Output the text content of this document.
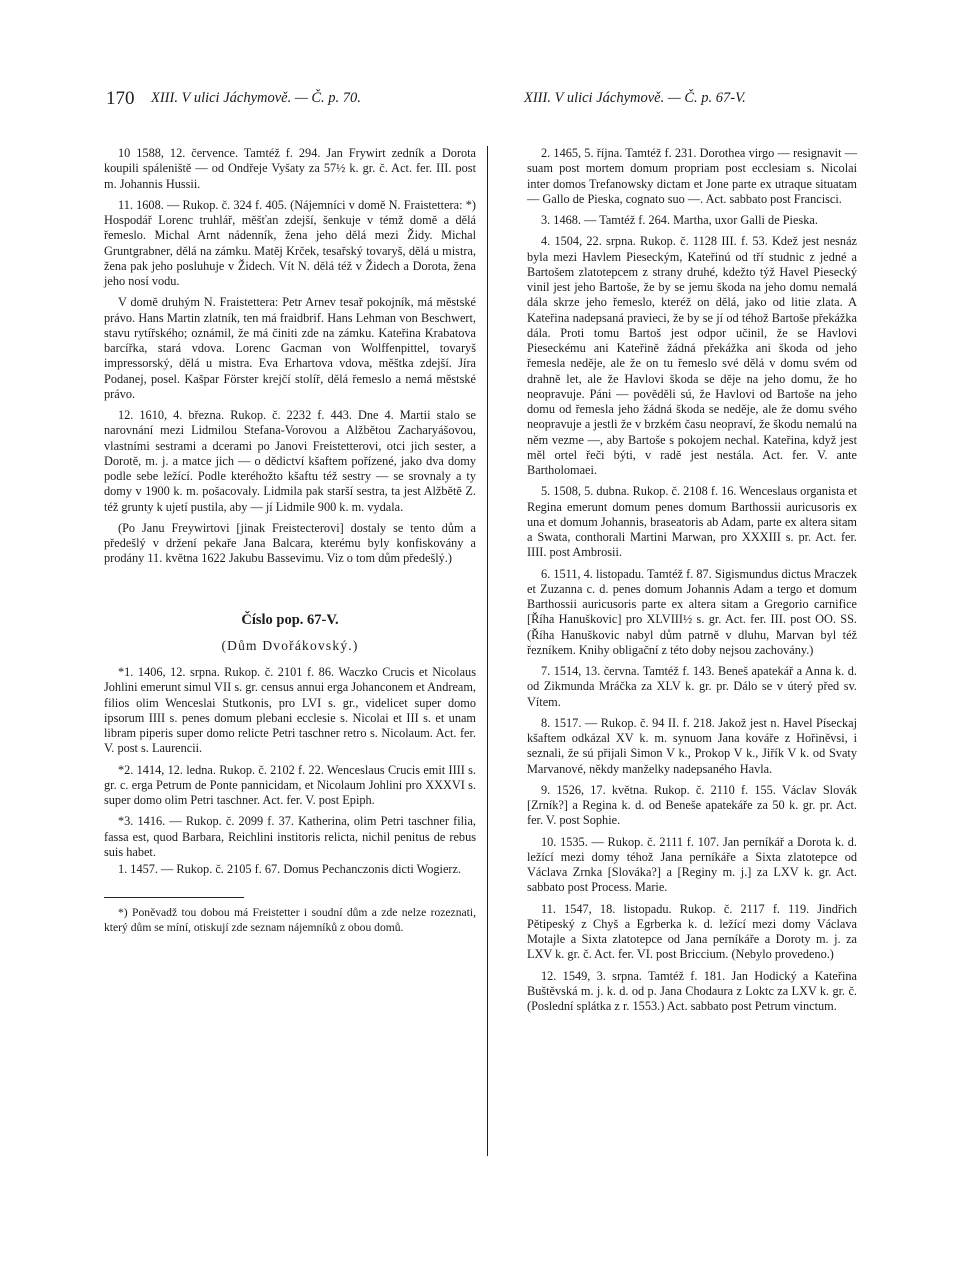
170 XIII. V ulici Jáchymově. — Č. p. 70.	XIII. V ulici Jáchymově. — Č. p. 67-V.

10 1588, 12. července. Tamtéž f. 294. Jan Frywirt zedník a Dorota koupili spáleniště — od Ondřeje Vyšaty za 57½ k. gr. č. Act. fer. III. post m. Johannis Hussii.

11. 1608. — Rukop. č. 324 f. 405. (Nájemníci v domě N. Fraistettera: *) Hospodář Lorenc truhlář, měšťan zdejší, šenkuje v témž domě a dělá řemeslo. Michal Arnt nádenník, žena jeho dělá mezi Židy. Michal Gruntgrabner, dělá na zámku. Matěj Krček, tesařský tovaryš, dělá u mistra, žena pak jeho posluhuje v Židech. Vít N. dělá též v Židech a Dorota, žena jeho nosí vodu.

V domě druhým N. Fraistettera: Petr Arnev tesař pokojník, má městské právo. Hans Martin zlatník, ten má fraidbrif. Hans Lehman von Beschwert, stavu rytířského; oznámil, že má činiti zde na zámku. Kateřina Krabatova barcířka, stará vdova. Lorenc Gacman von Wolffenpittel, tovaryš impressorský, dělá u mistra. Eva Erhartova vdova, měštka zdejší. Jíra Podanej, posel. Kašpar Förster krejčí stolíř, dělá řemeslo a nemá městské právo.

12. 1610, 4. března. Rukop. č. 2232 f. 443. Dne 4. Martii stalo se narovnání mezi Lidmilou Stefana-Vorovou a Alžbětou Zacharyášovou, vlastními sestrami a dcerami po Janovi Freistetterovi, otci jich sester, a Dorotě, m. j. a matce jich — o dědictví kšaftem pořízené, jako dva domy podle sebe ležící. Podle kteréhožto kšaftu též sestry — se srovnaly a ty domy v 1900 k. m. pošacovaly. Lidmila pak starší sestra, ta jest Alžbětě Z. též grunty k ujetí pustila, aby — jí Lidmile 900 k. m. vydala.

(Po Janu Freywirtovi [jinak Freistecterovi] dostaly se tento dům a předešlý v držení pekaře Jana Balcara, kterému byly konfiskovány a prodány 11. května 1622 Jakubu Bassevimu. Viz o tom dům předešlý.)

Číslo pop. 67-V.

(Dům Dvořákovský.)

*1. 1406, 12. srpna. Rukop. č. 2101 f. 86. Waczko Crucis et Nicolaus Johlini emerunt simul VII s. gr. census annui erga Johanconem et Andream, filios olim Wenceslai Stutkonis, pro LVI s. gr., videlicet super domo ipsorum IIII s. penes domum plebani ecclesie s. Nicolai et III s. et unam libram piperis super domo relicte Petri taschner retro s. Nicolaum. Act. fer. V. post s. Laurencii.

*2. 1414, 12. ledna. Rukop. č. 2102 f. 22. Wenceslaus Crucis emit IIII s. gr. c. erga Petrum de Ponte pannicidam, et Nicolaum Johlini pro XXXVI s. super domo olim Petri taschner. Act. fer. V. post Epiph.

*3. 1416. — Rukop. č. 2099 f. 37. Katherina, olim Petri taschner filia, fassa est, quod Barbara, Reichlini institoris relicta, nichil penitus de rebus suis habet.

1. 1457. — Rukop. č. 2105 f. 67. Domus Pechanczonis dicti Wogierz.

*) Poněvadž tou dobou má Freistetter i soudní dům a zde nelze rozeznati, který dům se míní, otiskují zde seznam nájemníků z obou domů.

2. 1465, 5. října. Tamtéž f. 231. Dorothea virgo — resignavit — suam post mortem domum propriam post ecclesiam s. Nicolai inter domos Trefanowsky dictam et Jone parte ex utraque situatam — Gallo de Pieska, cognato suo —. Act. sabbato post Francisci.

3. 1468. — Tamtéž f. 264. Martha, uxor Galli de Pieska.

4. 1504, 22. srpna. Rukop. č. 1128 III. f. 53. Kdež jest nesnáz byla mezi Havlem Pieseckým, Kateřinú od tří studnic z jedné a Bartošem zlatotepcem z strany druhé, kdežto týž Havel Piesecký vinil jest jeho Bartoše, že by se jemu škoda na jeho domu nemalá dála skrze jeho řemeslo, kteréž on dělá, jako od litie zlata. A Kateřina nadepsaná pravieci, že by se jí od téhož Bartoše překážka dála. Proti tomu Bartoš jest odpor učinil, že se Havlovi Pieseckému ani Kateřině žádná překážka ani škoda od jeho řemesla neděje, ale že on tu řemeslo své dělá v domu svém od drahně let, ale že Havlovi škoda se děje na jeho domu, že ho neopravuje. Páni — pověděli sú, že Havlovi od Bartoše na jeho domu od řemesla jeho žádná škoda se neděje, ale že domu svého neopravuje a jestli že v brzkém času neopraví, že škodu nemalú na něm vezme —, aby Bartoše s pokojem nechal. Kateřina, když jest měl ortel řeči býti, v radě jest nestála. Act. fer. V. ante Bartholomaei.

5. 1508, 5. dubna. Rukop. č. 2108 f. 16. Wenceslaus organista et Regina emerunt domum penes domum Barthossii auricusoris ex una et domum Johannis, braseatoris ab Adam, parte ex altera sitam a Swata, conthorali Martini Marwan, pro XXXIII s. pr. Act. fer. IIII. post Ambrosii.

6. 1511, 4. listopadu. Tamtéž f. 87. Sigismundus dictus Mraczek et Zuzanna c. d. penes domum Johannis Adam a tergo et domum Barthossii auricusoris parte ex altera sitam a Gregorio carnifice [Říha Hanuškovic] pro XLVIII½ s. gr. Act. fer. III. post OO. SS. (Říha Hanuškovic nabyl dům patrně v dluhu, Marvan byl též řezníkem. Knihy obligační z této doby nejsou zachovány.)

7. 1514, 13. června. Tamtéž f. 143. Beneš apatekář a Anna k. d. od Zikmunda Mráčka za XLV k. gr. pr. Dálo se v úterý před sv. Vítem.

8. 1517. — Rukop. č. 94 II. f. 218. Jakož jest n. Havel Píseckaj kšaftem odkázal XV k. m. synuom Jana kováře z Hořiněvsi, i seznali, že sú přijali Simon V k., Prokop V k., Jiřík V k. od Svaty Marvanové, někdy manželky nadepsaného Havla.

9. 1526, 17. května. Rukop. č. 2110 f. 155. Václav Slovák [Zrník?] a Regina k. d. od Beneše apatekáře za 50 k. gr. pr. Act. fer. V. post Sophie.

10. 1535. — Rukop. č. 2111 f. 107. Jan perníkář a Dorota k. d. ležící mezi domy téhož Jana perníkáře a Sixta zlatotepce od Václava Zrnka [Slováka?] a [Reginy m. j.] za LXV k. gr. Act. sabbato post Process. Marie.

11. 1547, 18. listopadu. Rukop. č. 2117 f. 119. Jindřich Pětipeský z Chyš a Egrberka k. d. ležící mezi domy Václava Motajle a Sixta zlatotepce od Jana perníkáře a Doroty m. j. za LXV k. gr. č. Act. fer. VI. post Briccium. (Nebylo provedeno.)

12. 1549, 3. srpna. Tamtéž f. 181. Jan Hodický a Kateřina Buštěvská m. j. k. d. od p. Jana Chodaura z Loktc za LXV k. gr. č. (Poslední splátka z r. 1553.) Act. sabbato post Petrum vinctum.
